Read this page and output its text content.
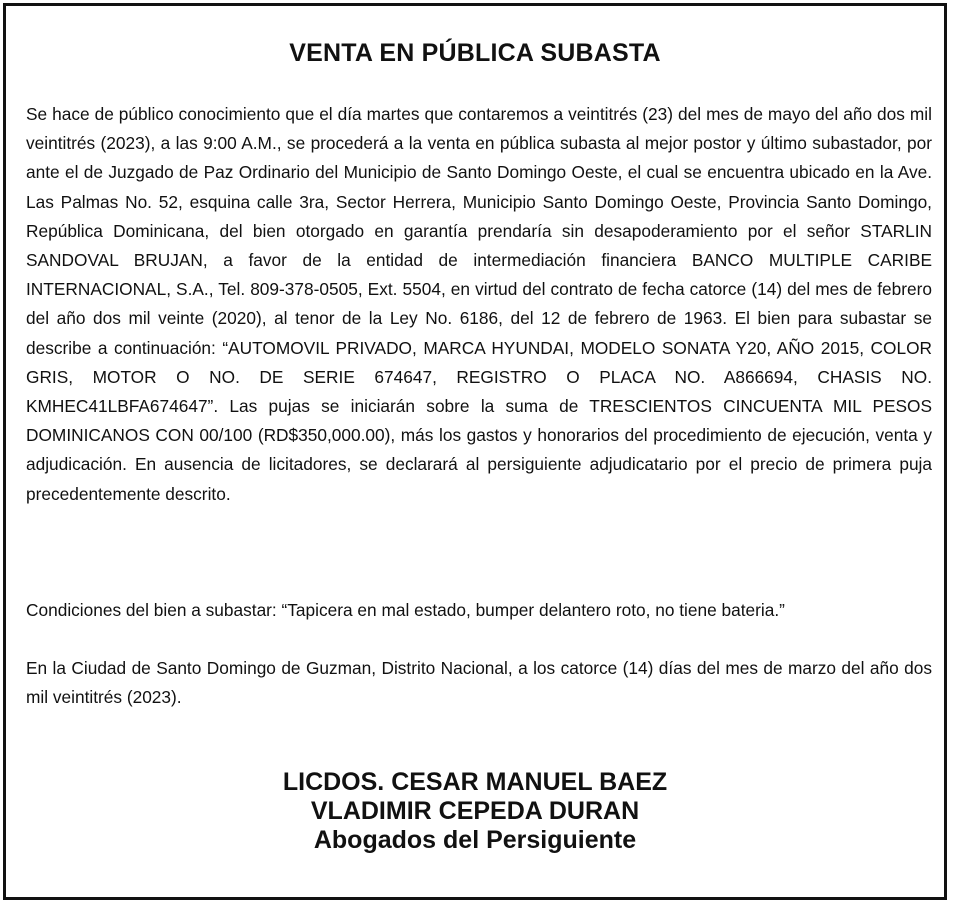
VENTA EN PÚBLICA SUBASTA
Se hace de público conocimiento que el día martes que contaremos a veintitrés (23) del mes de mayo del año dos mil veintitrés (2023), a las 9:00 A.M., se procederá a la venta en pública subasta al mejor postor y último subastador, por ante el de Juzgado de Paz Ordinario del Municipio de Santo Domingo Oeste, el cual se encuentra ubicado en la Ave. Las Palmas No. 52, esquina calle 3ra, Sector Herrera, Municipio Santo Domingo Oeste, Provincia Santo Domingo, República Dominicana, del bien otorgado en garantía prendaría sin desapoderamiento por el señor STARLIN SANDOVAL BRUJAN, a favor de la entidad de intermediación financiera BANCO MULTIPLE CARIBE INTERNACIONAL, S.A., Tel. 809-378-0505, Ext. 5504, en virtud del contrato de fecha catorce (14) del mes de febrero del año dos mil veinte (2020), al tenor de la Ley No. 6186, del 12 de febrero de 1963. El bien para subastar se describe a continuación: “AUTOMOVIL PRIVADO, MARCA HYUNDAI, MODELO SONATA Y20, AÑO 2015, COLOR GRIS, MOTOR O NO. DE SERIE 674647, REGISTRO O PLACA NO. A866694, CHASIS NO. KMHEC41LBFA674647”. Las pujas se iniciarán sobre la suma de TRESCIENTOS CINCUENTA MIL PESOS DOMINICANOS CON 00/100 (RD$350,000.00), más los gastos y honorarios del procedimiento de ejecución, venta y adjudicación. En ausencia de licitadores, se declarará al persiguiente adjudicatario por el precio de primera puja precedentemente descrito.
Condiciones del bien a subastar: “Tapicera en mal estado, bumper delantero roto, no tiene bateria.”
En la Ciudad de Santo Domingo de Guzman, Distrito Nacional, a los catorce (14) días del mes de marzo del año dos mil veintitrés (2023).
LICDOS. CESAR MANUEL BAEZ
VLADIMIR CEPEDA DURAN
Abogados del Persiguiente
